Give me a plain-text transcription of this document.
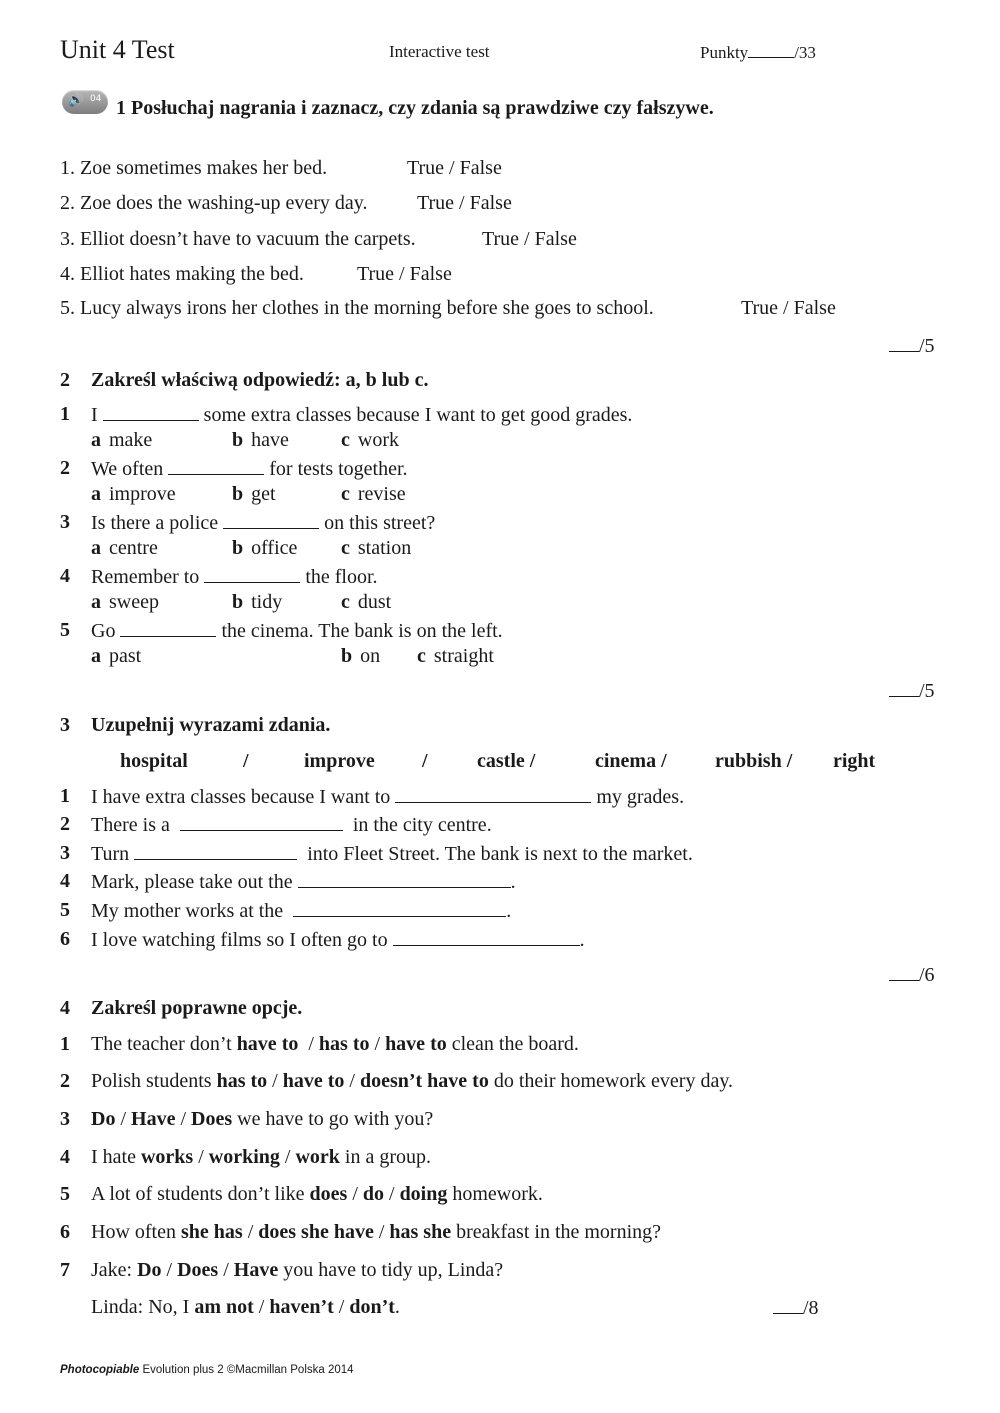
Unit 4 Test	Interactive test	Punkty	/33
🔊 04 1 Posłuchaj nagrania i zaznacz, czy zdania są prawdziwe czy fałszywe.
1. Zoe sometimes makes her bed.	True / False
2. Zoe does the washing-up every day. True / False
3. Elliot doesn’t have to vacuum the carpets.	True / False
4. Elliot hates making the bed.	True / False
5. Lucy always irons her clothes in the morning before she goes to school.	True / False
/5
2 Zakreśl właściwą odpowiedź: a, b lub c.
1 I	some extra classes because I want to get good grades.
a make	b have	c work
2 We often	for tests together.
a improve	b get	c revise
3 Is there a police	on this street?
a centre	b office c station
4 Remember to	the floor.
a sweep	b tidy	c dust
5 Go	the cinema. The bank is on the left.
a past	b on c straight
/5
3 Uzupełnij wyrazami zdania.
hospital	/	improve / castle /	cinema / rubbish / right
1 I have extra classes because I want to	my grades.
2 There is a	in the city centre.
3 Turn	into Fleet Street. The bank is next to the market.
4 Mark, please take out the	.
5 My mother works at the	.
6 I love watching films so I often go to	.
/6
4 Zakreśl poprawne opcje.
1 The teacher don’t have to / has to / have to clean the board.
2 Polish students has to / have to / doesn’t have to do their homework every day.
3 Do / Have / Does we have to go with you?
4 I hate works / working / work in a group.
5 A lot of students don’t like does / do / doing homework.
6 How often she has / does she have / has she breakfast in the morning?
7 Jake: Do / Does / Have you have to tidy up, Linda?
Linda: No, I am not / haven’t / don’t.	/8
Photocopiable Evolution plus 2 ©Macmillan Polska 2014
